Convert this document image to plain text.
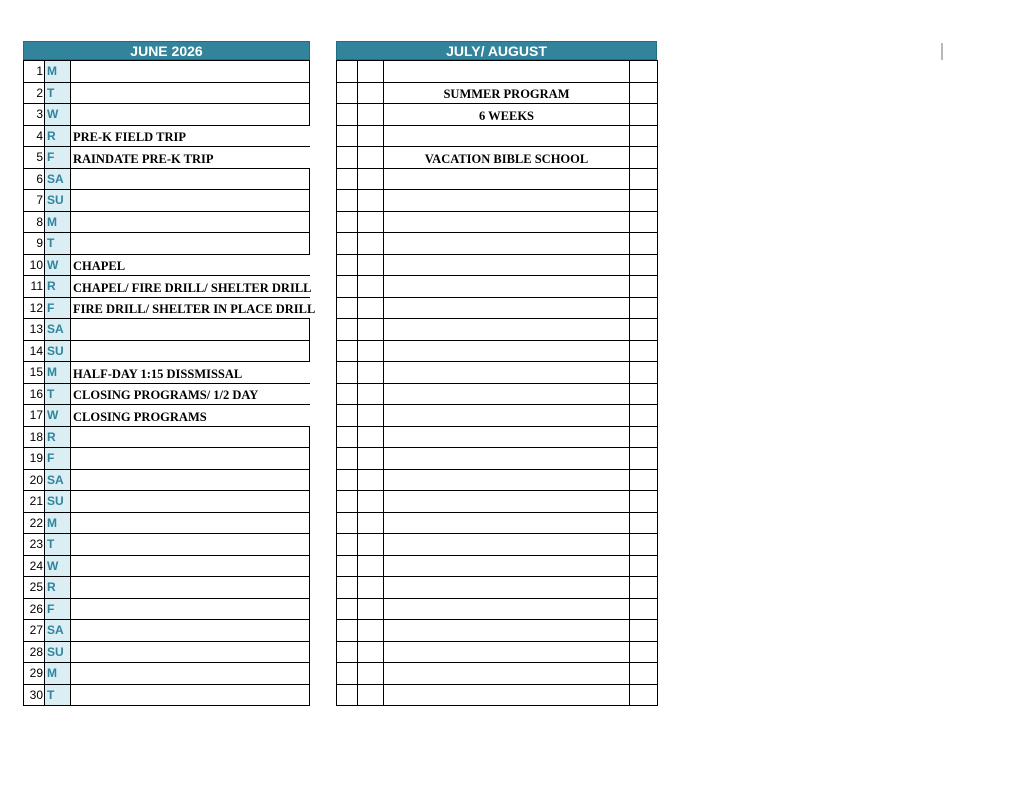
JUNE 2026	JULY/ AUGUST
1	M	
2	T	
3	W	
4	R	PRE-K FIELD TRIP
5	F	RAINDATE PRE-K TRIP
6	SA	
7	SU	
8	M	
9	T	
10	W	CHAPEL
11	R	CHAPEL/ FIRE DRILL/ SHELTER DRILL
12	F	FIRE DRILL/ SHELTER IN PLACE DRILL
13	SA	
14	SU	
15	M	HALF-DAY 1:15 DISSMISSAL
16	T	CLOSING PROGRAMS/ 1/2 DAY
17	W	CLOSING PROGRAMS
18	R	
19	F	
20	SA	
21	SU	
22	M	
23	T	
24	W	
25	R	
26	F	
27	SA	
28	SU	
29	M	
30	T	

		SUMMER PROGRAM	
		6 WEEKS	

		VACATION BIBLE SCHOOL	
